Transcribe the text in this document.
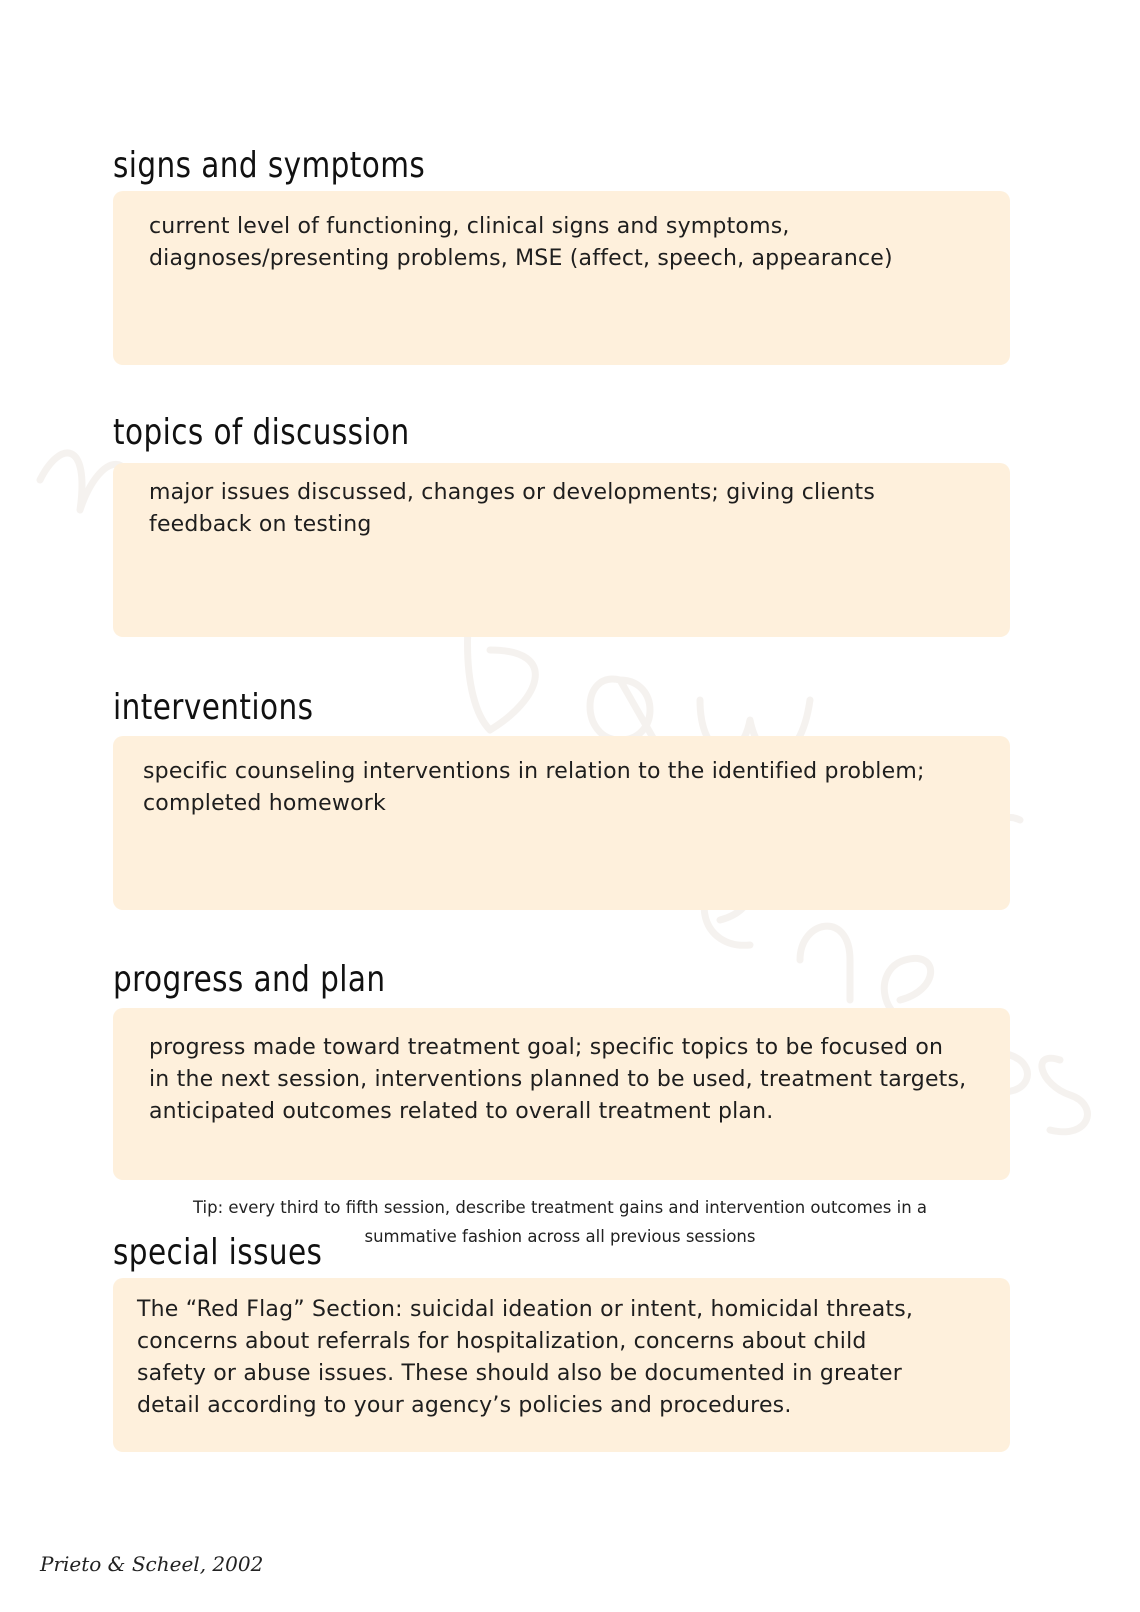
signs and symptoms

current level of functioning, clinical signs and symptoms, diagnoses/presenting problems, MSE (affect, speech, appearance)

topics of discussion

major issues discussed, changes or developments; giving clients feedback on testing

interventions

specific counseling interventions in relation to the identified problem; completed homework

progress and plan

progress made toward treatment goal; specific topics to be focused on in the next session, interventions planned to be used, treatment targets, anticipated outcomes related to overall treatment plan.

Tip: every third to fifth session, describe treatment gains and intervention outcomes in a summative fashion across all previous sessions

special issues

The “Red Flag” Section: suicidal ideation or intent, homicidal threats, concerns about referrals for hospitalization, concerns about child safety or abuse issues. These should also be documented in greater detail according to your agency’s policies and procedures.

Prieto & Scheel, 2002
